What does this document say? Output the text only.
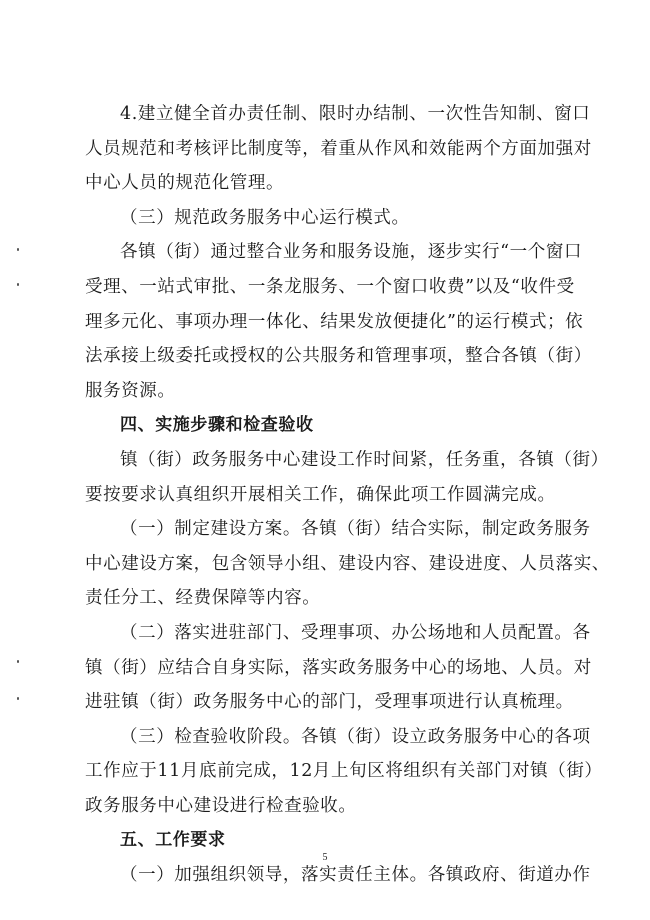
4.建立健全首办责任制、限时办结制、一次性告知制、窗口
人员规范和考核评比制度等，着重从作风和效能两个方面加强对
中心人员的规范化管理。
（三）规范政务服务中心运行模式。
各镇（街）通过整合业务和服务设施，逐步实行“一个窗口
受理、一站式审批、一条龙服务、一个窗口收费”以及“收件受
理多元化、事项办理一体化、结果发放便捷化”的运行模式；依
法承接上级委托或授权的公共服务和管理事项，整合各镇（街）
服务资源。
四、实施步骤和检查验收
镇（街）政务服务中心建设工作时间紧，任务重，各镇（街）
要按要求认真组织开展相关工作，确保此项工作圆满完成。
（一）制定建设方案。各镇（街）结合实际，制定政务服务
中心建设方案，包含领导小组、建设内容、建设进度、人员落实、
责任分工、经费保障等内容。
（二）落实进驻部门、受理事项、办公场地和人员配置。各
镇（街）应结合自身实际，落实政务服务中心的场地、人员。对
进驻镇（街）政务服务中心的部门，受理事项进行认真梳理。
（三）检查验收阶段。各镇（街）设立政务服务中心的各项
工作应于11月底前完成，12月上旬区将组织有关部门对镇（街）
政务服务中心建设进行检查验收。
五、工作要求
（一）加强组织领导，落实责任主体。各镇政府、街道办作
5
